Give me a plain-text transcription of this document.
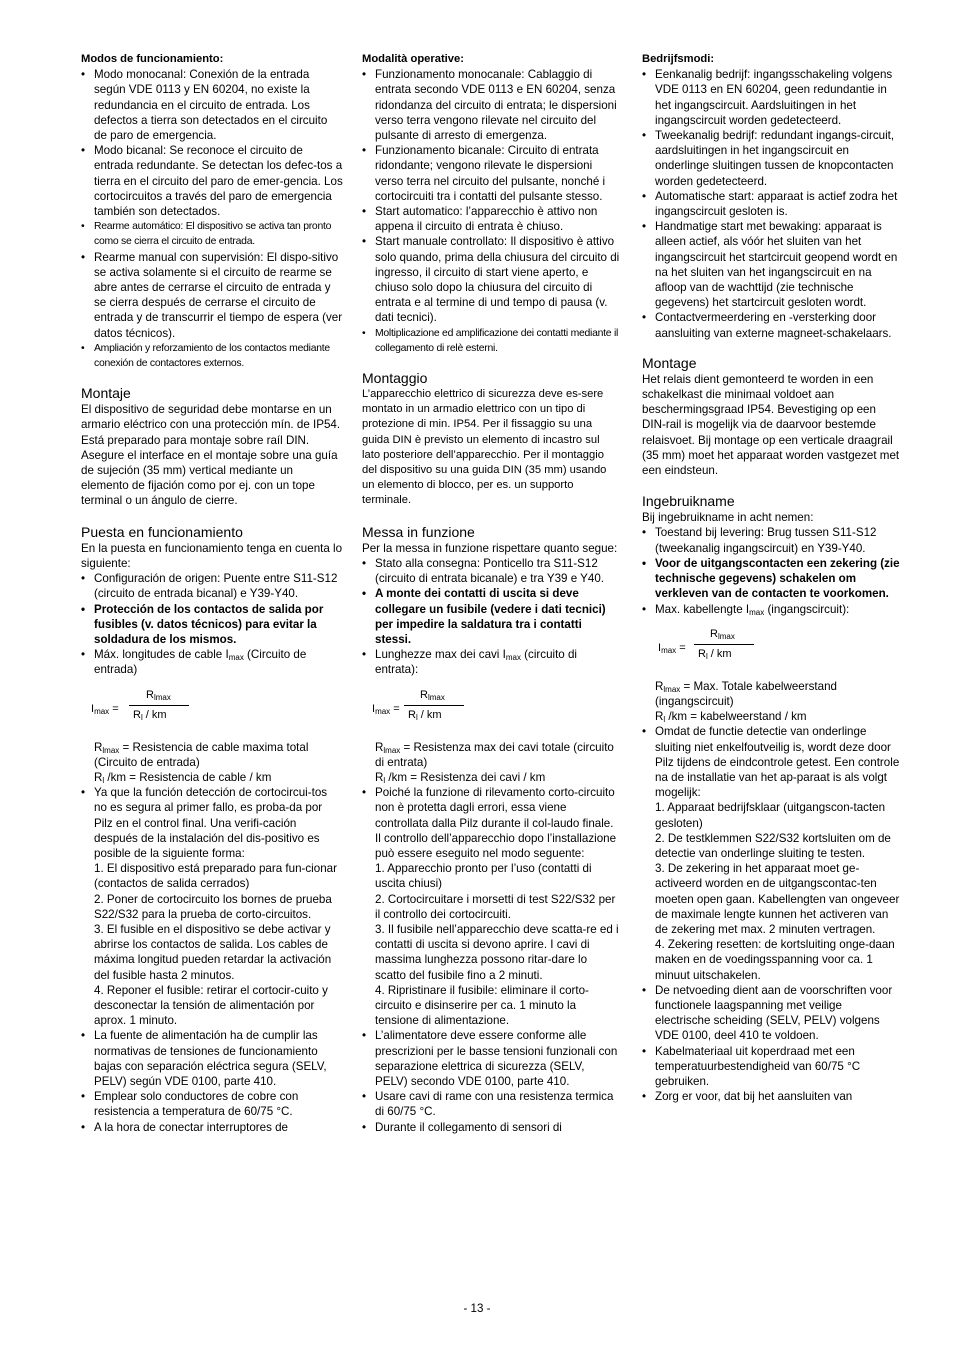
Modos de funcionamiento:

• Modo monocanal: Conexión de la entrada según VDE 0113 y EN 60204, no existe la redundancia en el circuito de entrada. Los defectos a tierra son detectados en el circuito de paro de emergencia.
• Modo bicanal: Se reconoce el circuito de entrada redundante. Se detectan los defec-tos a tierra en el circuito del paro de emer-gencia. Los cortocircuitos a través del paro de emergencia también son detectados.
• Rearme automático: El dispositivo se activa tan pronto como se cierra el circuito de entrada.
• Rearme manual con supervisión: El dispo-sitivo se activa solamente si el circuito de rearme se abre antes de cerrarse el circuito de entrada y se cierra después de cerrarse el circuito de entrada y de transcurrir el tiempo de espera (ver datos técnicos).
• Ampliación y reforzamiento de los contactos mediante conexión de contactores externos.
Montaje

El dispositivo de seguridad debe montarse en un armario eléctrico con una protección mín. de IP54. Está preparado para montaje sobre raíl DIN. Asegure el interface en el montaje sobre una guía de sujeción (35 mm) vertical mediante un elemento de fijación como por ej. con un tope terminal o un ángulo de cierre.

Puesta en funcionamiento

En la puesta en funcionamiento tenga en cuenta lo siguiente:

• Configuración de origen: Puente entre S11-S12 (circuito de entrada bicanal) e Y39-Y40.
• Protección de los contactos de salida por fusibles (v. datos técnicos) para evitar la soldadura de los mismos.
• Máx. longitudes de cable $I_{max}$ (Circuito de entrada)
$I_{max}$ =
$R_{lmax}$
$R_l$ / km

$R_{lmax}$ = Resistencia de cable maxima total (Circuito de entrada)

$R_l$ /km = Resistencia de cable / km

• Ya que la función detección de cortocircui-tos no es segura al primer fallo, es proba-da por Pilz en el control final. Una verifi-cación después de la instalación del dis-positivo es posible de la siguiente forma:

1. El dispositivo está preparado para fun-cionar (contactos de salida cerrados)

2. Poner de cortocircuito los bornes de prueba S22/S32 para la prueba de corto-circuitos.

3. El fusible en el dispositivo se debe activar y abrirse los contactos de salida. Los cables de máxima longitud pueden retardar la activación del fusible hasta 2 minutos.

4. Reponer el fusible: retirar el cortocir-cuito y desconectar la tensión de alimentación por aprox. 1 minuto.

• La fuente de alimentación ha de cumplir las normativas de tensiones de funcionamiento bajas con separación eléctrica segura (SELV, PELV) según VDE 0100, parte 410.
• Emplear solo conductores de cobre con resistencia a temperatura de 60/75 °C.
• A la hora de conectar interruptores de

Modalità operative:

• Funzionamento monocanale: Cablaggio di entrata secondo VDE 0113 e EN 60204, senza ridondanza del circuito di entrata; le dispersioni verso terra vengono rilevate nel circuito del pulsante di arresto di emergenza.
• Funzionamento bicanale: Circuito di entrata ridondante; vengono rilevate le dispersioni verso terra nel circuito del pulsante, nonché i cortocircuiti tra i contatti del pulsante stesso.
• Start automatico: l’apparecchio è attivo non appena il circuito di entrata è chiuso.
• Start manuale controllato: Il dispositivo è attivo solo quando, prima della chiusura del circuito di ingresso, il circuito di start viene aperto, e chiuso solo dopo la chiusura del circuito di entrata e al termine di und tempo di pausa (v. dati tecnici).
• Moltiplicazione ed amplificazione dei contatti mediante il collegamento di relè esterni.
Montaggio

L’apparecchio elettrico di sicurezza deve es-sere montato in un armadio elettrico con un tipo di protezione di min. IP54. Per il fissaggio su una guida DIN è previsto un elemento di incastro sul lato posteriore dell’apparecchio. Per il montaggio del dispositivo su una guida DIN (35 mm) usando un elemento di blocco, per es. un supporto terminale.

Messa in funzione

Per la messa in funzione rispettare quanto segue:

• Stato alla consegna: Ponticello tra S11-S12 (circuito di entrata bicanale) e tra Y39 e Y40.
• A monte dei contatti di uscita si deve collegare un fusibile (vedere i dati tecnici) per impedire la saldatura tra i contatti stessi.
• Lunghezze max dei cavi $I_{max}$ (circuito di entrata):
$I_{max}$ =
$R_{lmax}$
$R_l$ / km

$R_{lmax}$ = Resistenza max dei cavi totale (circuito di entrata)

$R_l$ /km = Resistenza dei cavi / km

• Poiché la funzione di rilevamento corto-circuito non è protetta dagli errori, essa viene controllata dalla Pilz durante il col-laudo finale. Il controllo dell’apparecchio dopo l’installazione può essere eseguito nel modo seguente:

1. Apparecchio pronto per l’uso (contatti di uscita chiusi)

2. Cortocircuitare i morsetti di test S22/S32 per il controllo dei cortocircuiti.

3. Il fusibile nell’apparecchio deve scatta-re ed i contatti di uscita si devono aprire. I cavi di massima lunghezza possono ritar-dare lo scatto del fusibile fino a 2 minuti.

4. Ripristinare il fusibile: eliminare il corto-circuito e disinserire per ca. 1 minuto la tensione di alimentazione.

• L’alimentatore deve essere conforme alle prescrizioni per le basse tensioni funzionali con separazione elettrica di sicurezza (SELV, PELV) secondo VDE 0100, parte 410.
• Usare cavi di rame con una resistenza termica di 60/75 °C.
• Durante il collegamento di sensori di

Bedrijfsmodi:

• Eenkanalig bedrijf: ingangsschakeling volgens VDE 0113 en EN 60204, geen redundantie in het ingangscircuit. Aardsluitingen in het ingangscircuit worden gedetecteerd.
• Tweekanalig bedrijf: redundant ingangs-circuit, aardsluitingen in het ingangscircuit en onderlinge sluitingen tussen de knopcontacten worden gedetecteerd.
• Automatische start: apparaat is actief zodra het ingangscircuit gesloten is.
• Handmatige start met bewaking: apparaat is alleen actief, als vóór het sluiten van het ingangscircuit het startcircuit geopend wordt en na het sluiten van het ingangscircuit en na afloop van de wachttijd (zie technische gegevens) het startcircuit gesloten wordt.
• Contactvermeerdering en -versterking door aansluiting van externe magneet-schakelaars.
Montage

Het relais dient gemonteerd te worden in een schakelkast die minimaal voldoet aan beschermingsgraad IP54. Bevestiging op een DIN-rail is mogelijk via de daarvoor bestemde relaisvoet. Bij montage op een verticale draagrail (35 mm) moet het apparaat worden vastgezet met een eindsteun.

Ingebruikname

Bij ingebruikname in acht nemen:

• Toestand bij levering: Brug tussen S11-S12 (tweekanalig ingangscircuit) en Y39-Y40.
• Voor de uitgangscontacten een zekering (zie technische gegevens) schakelen om verkleven van de contacten te voorkomen.
• Max. kabellengte $I_{max}$ (ingangscircuit):
$I_{max}$ =
$R_{lmax}$
$R_l$ / km

$R_{lmax}$ = Max. Totale kabelweerstand (ingangscircuit)

$R_l$ /km = kabelweerstand / km

• Omdat de functie detectie van onderlinge sluiting niet enkelfoutveilig is, wordt deze door Pilz tijdens de eindcontrole getest. Een controle na de installatie van het ap-paraat is als volgt mogelijk:

1. Apparaat bedrijfsklaar (uitgangscon-tacten gesloten)

2. De testklemmen S22/S32 kortsluiten om de detectie van onderlinge sluiting te testen.

3. De zekering in het apparaat moet ge-activeerd worden en de uitgangscontac-ten moeten open gaan. Kabellengten van ongeveer de maximale lengte kunnen het activeren van de zekering met max. 2 minuten vertragen.

4. Zekering resetten: de kortsluiting onge-daan maken en de voedingsspanning voor ca. 1 minuut uitschakelen.

• De netvoeding dient aan de voorschriften voor functionele laagspanning met veilige electrische scheiding (SELV, PELV) volgens VDE 0100, deel 410 te voldoen.
• Kabelmateriaal uit koperdraad met een temperatuurbestendigheid van 60/75 °C gebruiken.
• Zorg er voor, dat bij het aansluiten van
- 13 -
